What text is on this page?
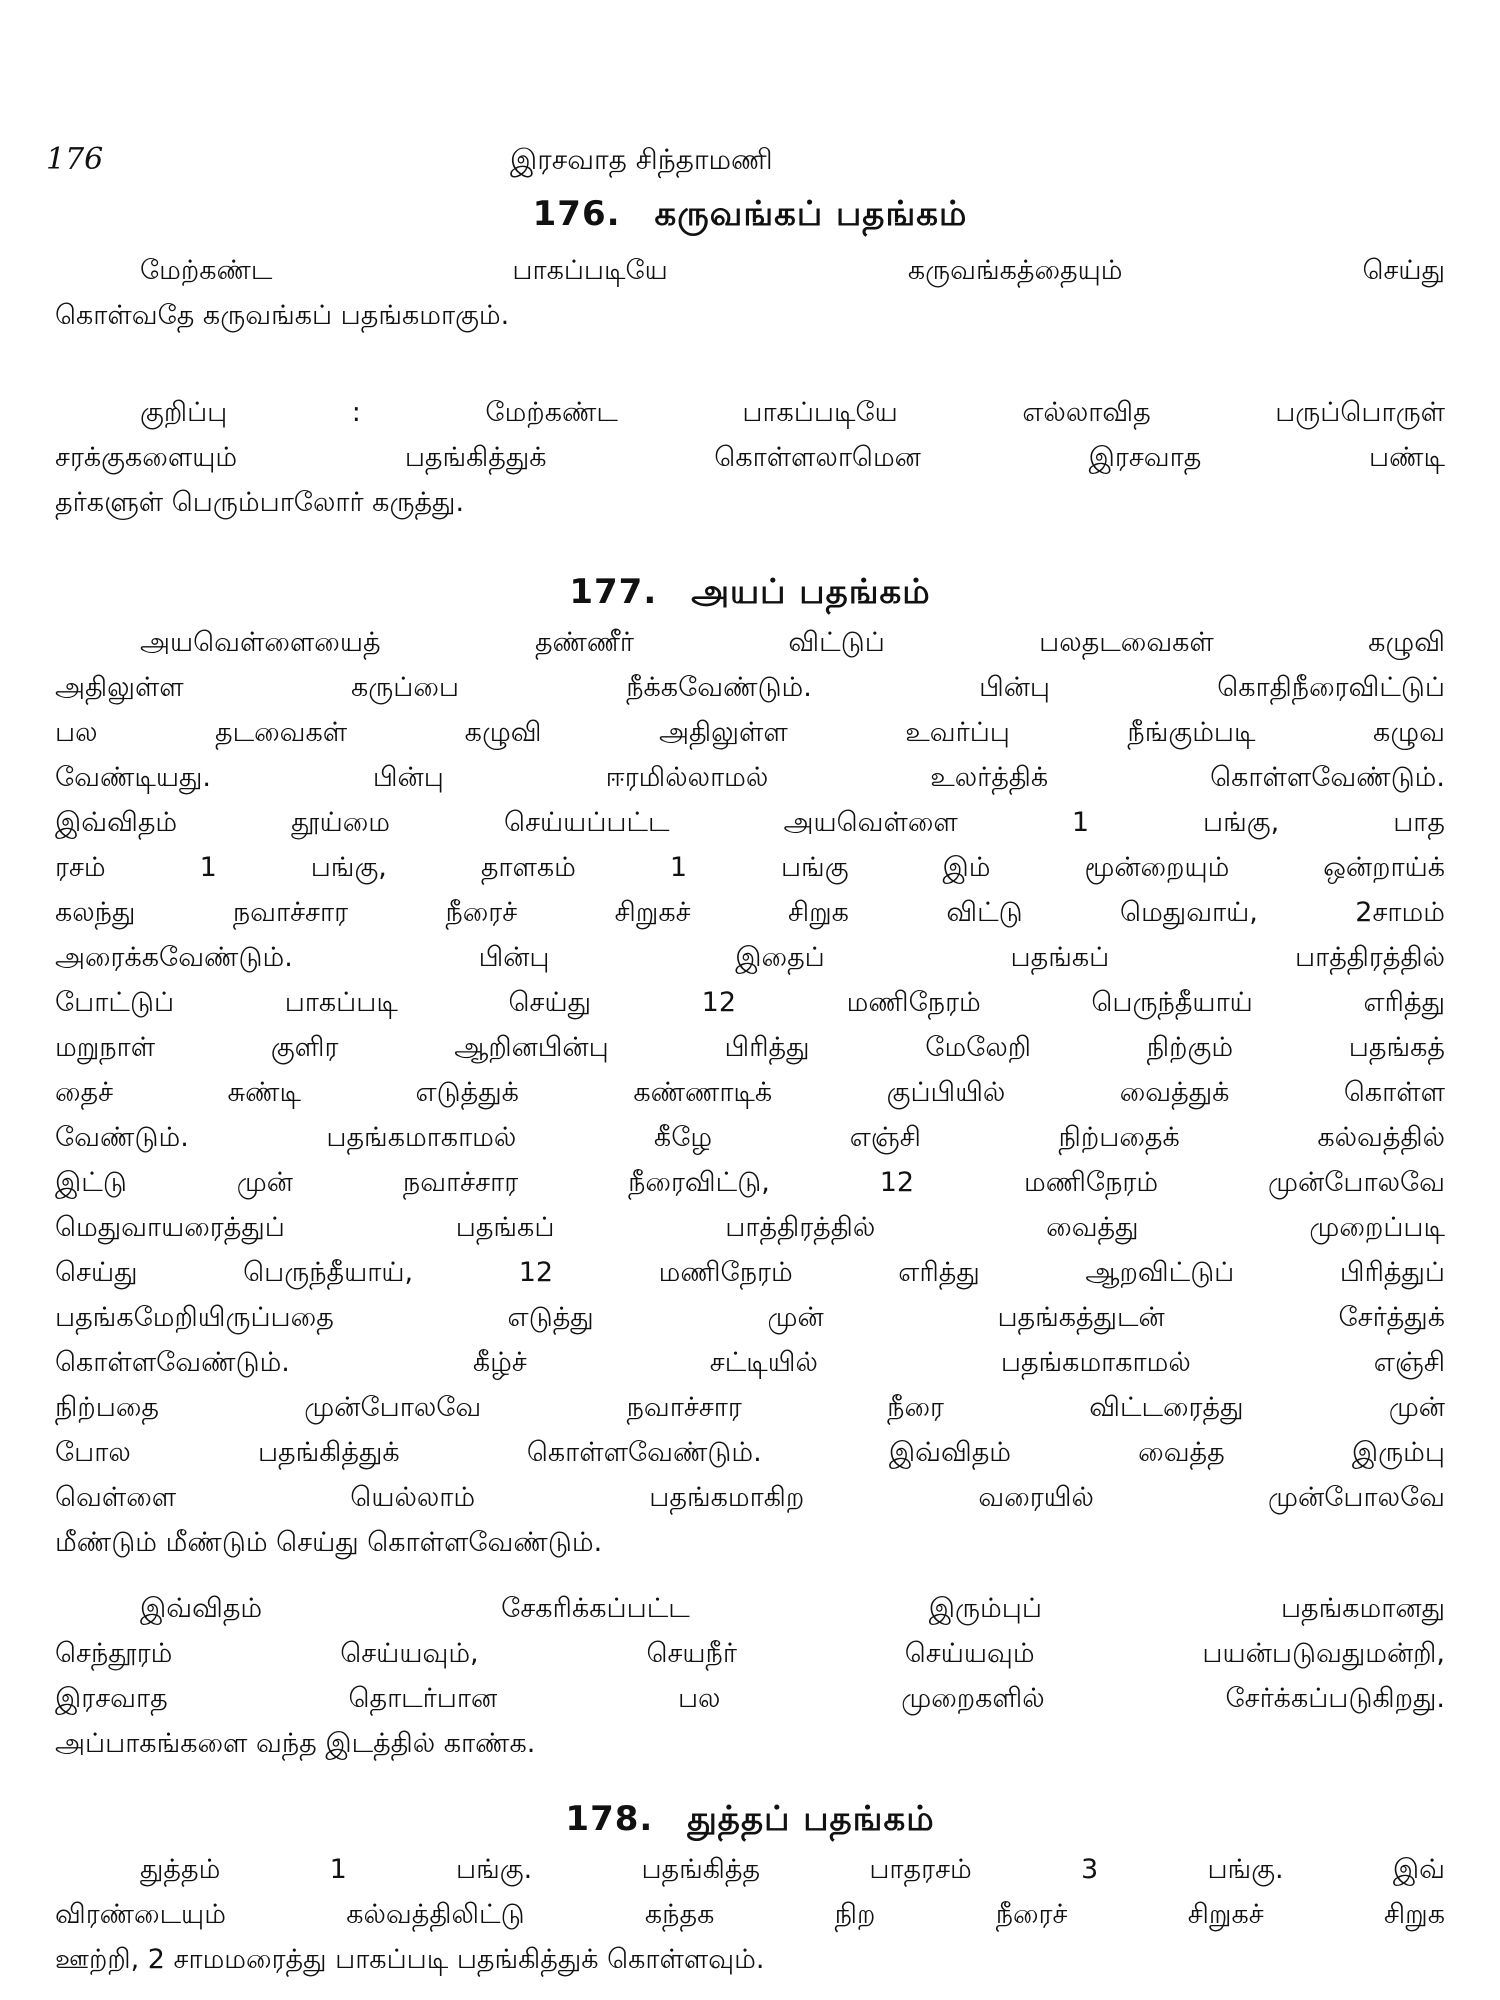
176	இரசவாத சிந்தாமணி
176. கருவங்கப் பதங்கம்
மேற்கண்ட பாகப்படியே கருவங்கத்தையும் செய்து
கொள்வதே கருவங்கப் பதங்கமாகும்.
குறிப்பு : மேற்கண்ட பாகப்படியே எல்லாவித பருப்பொருள்
சரக்குகளையும் பதங்கித்துக் கொள்ளலாமென இரசவாத பண்டி
தர்களுள் பெரும்பாலோர் கருத்து.
177. அயப் பதங்கம்
அயவெள்ளையைத் தண்ணீர் விட்டுப் பலதடவைகள் கழுவி
அதிலுள்ள கருப்பை நீக்கவேண்டும். பின்பு கொதிநீரைவிட்டுப்
பல தடவைகள் கழுவி அதிலுள்ள உவர்ப்பு நீங்கும்படி கழுவ
வேண்டியது. பின்பு ஈரமில்லாமல் உலர்த்திக் கொள்ளவேண்டும்.
இவ்விதம் தூய்மை செய்யப்பட்ட அயவெள்ளை 1 பங்கு, பாத
ரசம் 1 பங்கு, தாளகம் 1 பங்கு இம் மூன்றையும் ஒன்றாய்க்
கலந்து நவாச்சார நீரைச் சிறுகச் சிறுக விட்டு மெதுவாய், 2சாமம்
அரைக்கவேண்டும். பின்பு இதைப் பதங்கப் பாத்திரத்தில்
போட்டுப் பாகப்படி செய்து 12 மணிநேரம் பெருந்தீயாய் எரித்து
மறுநாள் குளிர ஆறினபின்பு பிரித்து மேலேறி நிற்கும் பதங்கத்
தைச் சுண்டி எடுத்துக் கண்ணாடிக் குப்பியில் வைத்துக் கொள்ள
வேண்டும். பதங்கமாகாமல் கீழே எஞ்சி நிற்பதைக் கல்வத்தில்
இட்டு முன் நவாச்சார நீரைவிட்டு, 12 மணிநேரம் முன்போலவே
மெதுவாயரைத்துப் பதங்கப் பாத்திரத்தில் வைத்து முறைப்படி
செய்து பெருந்தீயாய், 12 மணிநேரம் எரித்து ஆறவிட்டுப் பிரித்துப்
பதங்கமேறியிருப்பதை எடுத்து முன் பதங்கத்துடன் சேர்த்துக்
கொள்ளவேண்டும். கீழ்ச் சட்டியில் பதங்கமாகாமல் எஞ்சி
நிற்பதை முன்போலவே நவாச்சார நீரை விட்டரைத்து முன்
போல பதங்கித்துக் கொள்ளவேண்டும். இவ்விதம் வைத்த இரும்பு
வெள்ளை யெல்லாம் பதங்கமாகிற வரையில் முன்போலவே
மீண்டும் மீண்டும் செய்து கொள்ளவேண்டும்.
இவ்விதம் சேகரிக்கப்பட்ட இரும்புப் பதங்கமானது
செந்தூரம் செய்யவும், செயநீர் செய்யவும் பயன்படுவதுமன்றி,
இரசவாத தொடர்பான பல முறைகளில் சேர்க்கப்படுகிறது.
அப்பாகங்களை வந்த இடத்தில் காண்க.
178. துத்தப் பதங்கம்
துத்தம் 1 பங்கு. பதங்கித்த பாதரசம் 3 பங்கு. இவ்
விரண்டையும் கல்வத்திலிட்டு கந்தக நிற நீரைச் சிறுகச் சிறுக
ஊற்றி, 2 சாமமரைத்து பாகப்படி பதங்கித்துக் கொள்ளவும்.
